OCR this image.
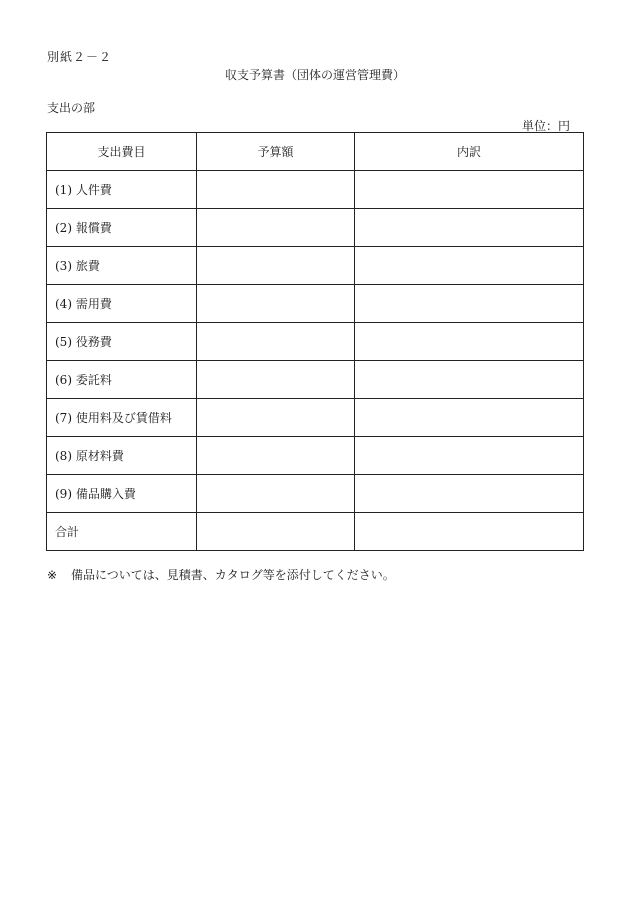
別紙２－２
収支予算書（団体の運営管理費）
支出の部
単位：円
支出費目	予算額	内訳
(1) 人件費		
(2) 報償費		
(3) 旅費		
(4) 需用費		
(5) 役務費		
(6) 委託料		
(7) 使用料及び賃借料		
(8) 原材料費		
(9) 備品購入費		
合計		
※ 備品については、見積書、カタログ等を添付してください。
